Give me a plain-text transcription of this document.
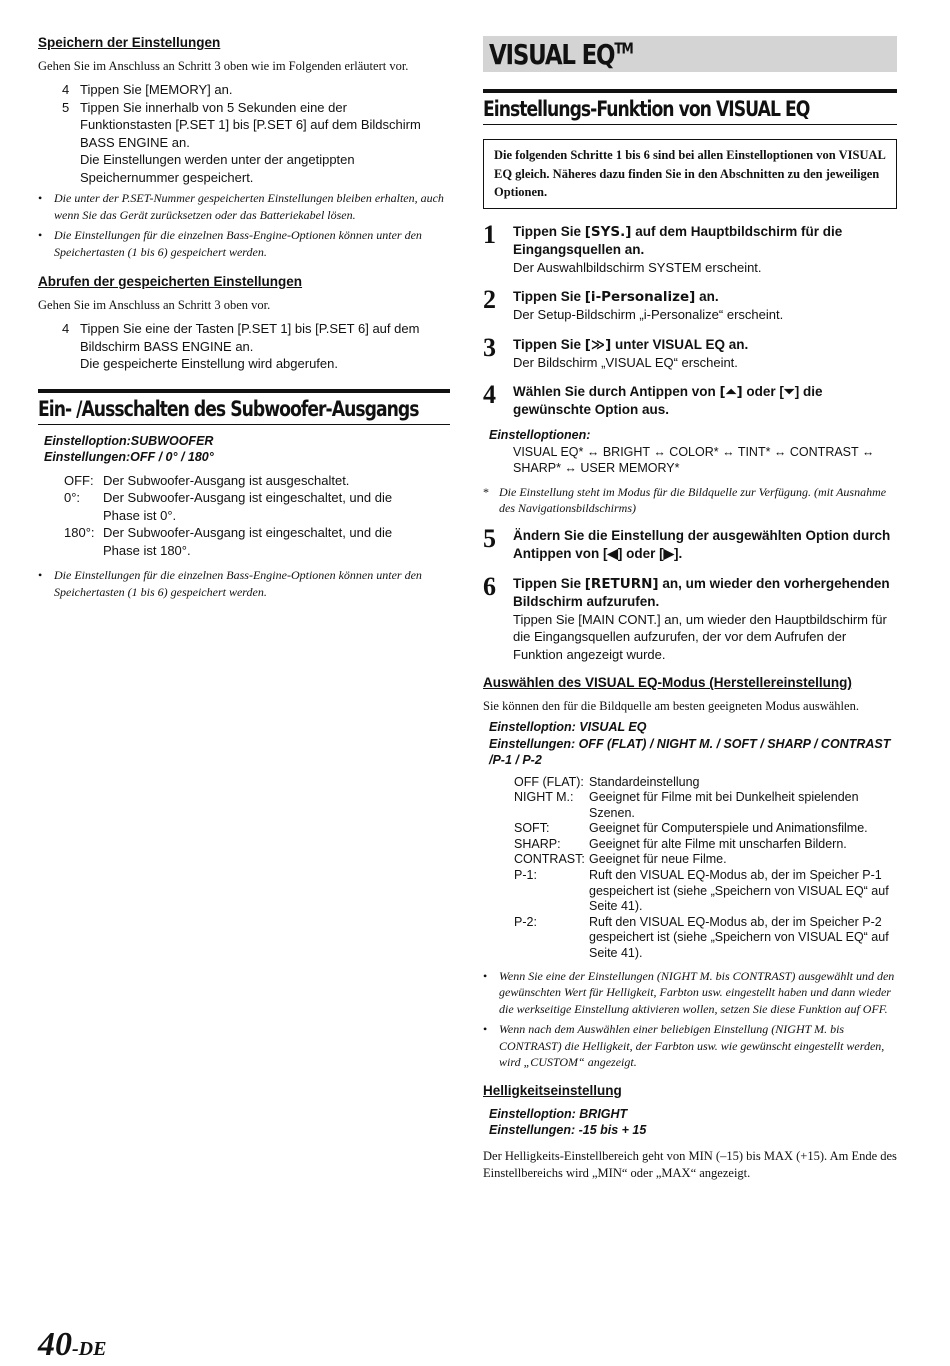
Speichern der Einstellungen

Gehen Sie im Anschluss an Schritt 3 oben wie im Folgenden erläutert vor.

4 Tippen Sie [MEMORY] an.
5 Tippen Sie innerhalb von 5 Sekunden eine der
Funktionstasten [P.SET 1] bis [P.SET 6] auf dem Bildschirm
BASS ENGINE an.
Die Einstellungen werden unter der angetippten
Speichernummer gespeichert.
• Die unter der P.SET-Nummer gespeicherten Einstellungen bleiben erhalten, auch wenn Sie das Gerät zurücksetzen oder das Batteriekabel lösen.
• Die Einstellungen für die einzelnen Bass-Engine-Optionen können unter den Speichertasten (1 bis 6) gespeichert werden.
Abrufen der gespeicherten Einstellungen

Gehen Sie im Anschluss an Schritt 3 oben vor.

4 Tippen Sie eine der Tasten [P.SET 1] bis [P.SET 6] auf dem
Bildschirm BASS ENGINE an.
Die gespeicherte Einstellung wird abgerufen.
Ein- /Ausschalten des Subwoofer-Ausgangs
Einstelloption:SUBWOOFER
Einstellungen:OFF / 0° / 180°
OFF: Der Subwoofer-Ausgang ist ausgeschaltet.
0°:	Der Subwoofer-Ausgang ist eingeschaltet, und die
Phase ist 0°.
180°: Der Subwoofer-Ausgang ist eingeschaltet, und die
Phase ist 180°.
• Die Einstellungen für die einzelnen Bass-Engine-Optionen können unter den Speichertasten (1 bis 6) gespeichert werden.
VISUAL EQ™
Einstellungs-Funktion von VISUAL EQ
Die folgenden Schritte 1 bis 6 sind bei allen Einstelloptionen von VISUAL EQ gleich. Näheres dazu finden Sie in den Abschnitten zu den jeweiligen Optionen.
1	Tippen Sie [SYS.] auf dem Hauptbildschirm für die Eingangsquellen an.
Der Auswahlbildschirm SYSTEM erscheint.
2	Tippen Sie [i-Personalize] an.
Der Setup-Bildschirm „i-Personalize“ erscheint.
3	Tippen Sie [≫] unter VISUAL EQ an.
Der Bildschirm „VISUAL EQ“ erscheint.
4	Wählen Sie durch Antippen von [⏶] oder [⏷] die gewünschte Option aus.
Einstelloptionen:
VISUAL EQ* ↔ BRIGHT ↔ COLOR* ↔ TINT* ↔ CONTRAST ↔
SHARP* ↔ USER MEMORY*
* Die Einstellung steht im Modus für die Bildquelle zur Verfügung. (mit Ausnahme des Navigationsbildschirms)
5	Ändern Sie die Einstellung der ausgewählten Option durch Antippen von [◀] oder [▶].
6	Tippen Sie [RETURN] an, um wieder den vorhergehenden Bildschirm aufzurufen.
Tippen Sie [MAIN CONT.] an, um wieder den Hauptbildschirm für die Eingangsquellen aufzurufen, der vor dem Aufrufen der Funktion angezeigt wurde.
Auswählen des VISUAL EQ-Modus (Herstellereinstellung)

Sie können den für die Bildquelle am besten geeigneten Modus auswählen.

Einstelloption: VISUAL EQ
Einstellungen: OFF (FLAT) / NIGHT M. / SOFT / SHARP / CONTRAST /P-1 / P-2
OFF (FLAT): Standardeinstellung
NIGHT M.:	Geeignet für Filme mit bei Dunkelheit spielenden
Szenen.
SOFT:	Geeignet für Computerspiele und Animationsfilme.
SHARP:	Geeignet für alte Filme mit unscharfen Bildern.
CONTRAST: Geeignet für neue Filme.
P-1:	Ruft den VISUAL EQ-Modus ab, der im Speicher P-1
gespeichert ist (siehe „Speichern von VISUAL EQ“ auf
Seite 41).
P-2:	Ruft den VISUAL EQ-Modus ab, der im Speicher P-2
gespeichert ist (siehe „Speichern von VISUAL EQ“ auf
Seite 41).
• Wenn Sie eine der Einstellungen (NIGHT M. bis CONTRAST) ausgewählt und den gewünschten Wert für Helligkeit, Farbton usw. eingestellt haben und dann wieder die werkseitige Einstellung aktivieren wollen, setzen Sie diese Funktion auf OFF.
• Wenn nach dem Auswählen einer beliebigen Einstellung (NIGHT M. bis CONTRAST) die Helligkeit, der Farbton usw. wie gewünscht eingestellt werden, wird „CUSTOM“ angezeigt.
Helligkeitseinstellung
Einstelloption: BRIGHT
Einstellungen: -15 bis + 15

Der Helligkeits-Einstellbereich geht von MIN (–15) bis MAX (+15). Am Ende des Einstellbereichs wird „MIN“ oder „MAX“ angezeigt.

40-DE
